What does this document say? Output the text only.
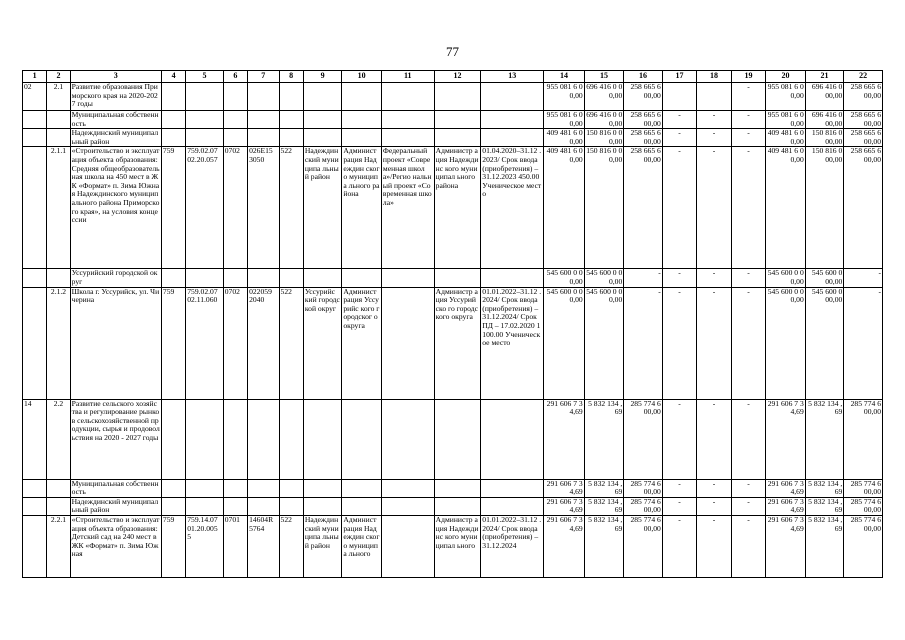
77
1	2	3	4	5	6	7	8	9	10	11	12	13	14	15	16	17	18	19	20	21	22
02	2.1	Развитие образования Приморского края на 2020-2027 годы											955 081 6 00,00	696 416 0 00,00	258 665 6 00,00			-	955 081 6 00,00	696 416 0 00,00	258 665 6 00,00
		Муниципальная собственность											955 081 6 00,00	696 416 0 00,00	258 665 6 00,00	-	-	-	955 081 6 00,00	696 416 0 00,00	258 665 6 00,00
		Надеждинский муниципальный район											409 481 6 00,00	150 816 0 00,00	258 665 6 00,00	-	-	-	409 481 6 00,00	150 816 0 00,00	258 665 6 00,00
	2.1.1	«Строительство и эксплуатация объекта образования: Средняя общеобразовательная школа на 450 мест в ЖК «Формат» п. Зима Южная Надеждинского муниципального района Приморского края», на условия концессии	759	759.02.07 02.20.057	0702	026E15 3050	522	Надеждин ский муниципа льный район	Админист рация Надеждин ского муниципа льного района	Федеральный проект «Современная школа»/Регио нальный проект «Современная школа»	Администр ация Надеждинс кого муниципал ьного района	01.04.2020–31.12 .2023/ Срок ввода (приобретения) – 31.12.2023 450.00 Ученическое место	409 481 6 00,00	150 816 0 00,00	258 665 6 00,00	-	-	-	409 481 6 00,00	150 816 0 00,00	258 665 6 00,00
		Уссурийский городской округ											545 600 0 00,00	545 600 0 00,00	-	-	-	-	545 600 0 00,00	545 600 0 00,00	-
	2.1.2	Школа г. Уссурийск, ул. Чичерина	759	759.02.07 02.11.060	0702	022059 2040	522	Уссурийс кий городской округ	Админист рация Уссурийс кого городског о округа		Администр ация Уссурийско го городского округа	01.01.2022–31.12 .2024/ Срок ввода (приобретения) – 31.12.2024/ Срок ПД – 17.02.2020 1100.00 Ученическое место	545 600 0 00,00	545 600 0 00,00	-	-	-	-	545 600 0 00,00	545 600 0 00,00	-
14	2.2	Развитие сельского хозяйства и регулирование рынков сельскохозяйственной продукции, сырья и продовольствия на 2020 - 2027 годы											291 606 7 34,69	5 832 134 ,69	285 774 6 00,00	-	-	-	291 606 7 34,69	5 832 134 ,69	285 774 6 00,00
		Муниципальная собственность											291 606 7 34,69	5 832 134 ,69	285 774 6 00,00	-	-	-	291 606 7 34,69	5 832 134 ,69	285 774 6 00,00
		Надеждинский муниципальный район											291 606 7 34,69	5 832 134 ,69	285 774 6 00,00	-	-	-	291 606 7 34,69	5 832 134 ,69	285 774 6 00,00
	2.2.1	«Строительство и эксплуатация объекта образования: Детский сад на 240 мест в ЖК «Формат» п. Зима Южная	759	759.14.07 01.20.005 5	0701	14604R 5764	522	Надеждин ский муниципа льный район	Админист рация Надеждин ского муниципа льного		Администр ация Надеждинс кого муниципал ьного	01.01.2022–31.12 .2024/ Срок ввода (приобретения) – 31.12.2024	291 606 7 34,69	5 832 134 ,69	285 774 6 00,00	-	-	-	291 606 7 34,69	5 832 134 ,69	285 774 6 00,00
